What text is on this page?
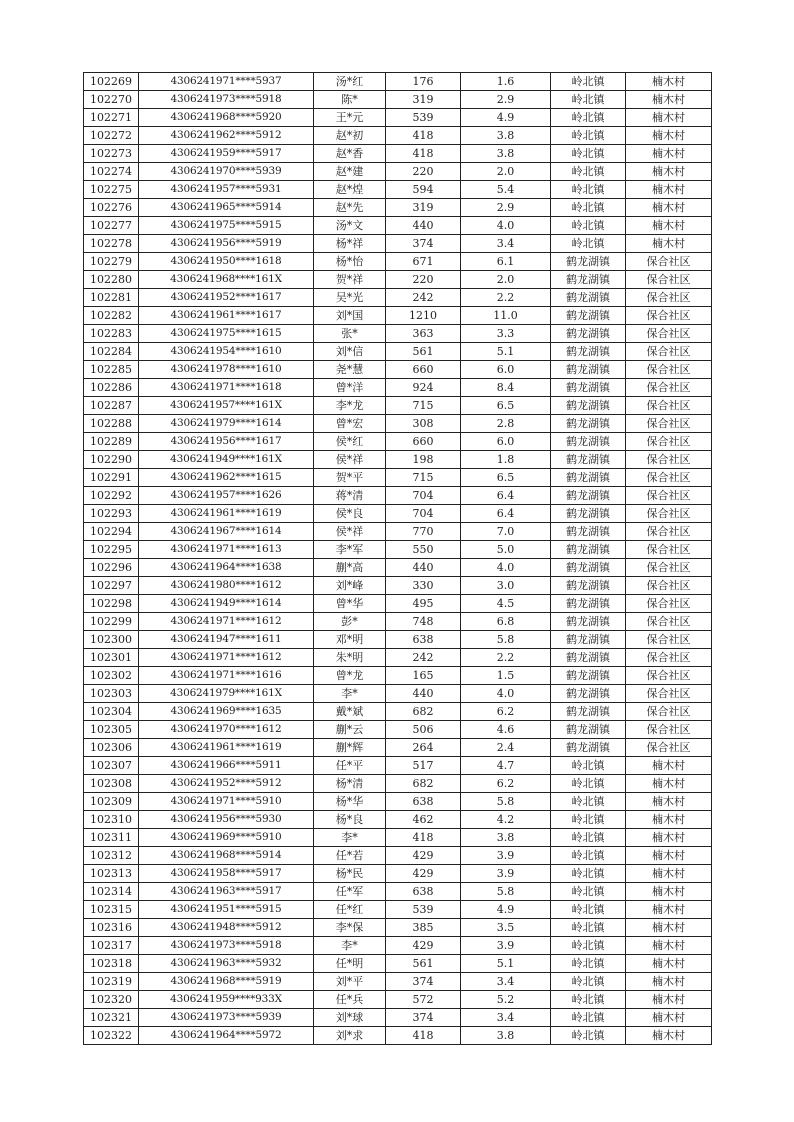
102269	4306241971****5937	汤*红	176	1.6	岭北镇	楠木村
102270	4306241973****5918	陈*	319	2.9	岭北镇	楠木村
102271	4306241968****5920	王*元	539	4.9	岭北镇	楠木村
102272	4306241962****5912	赵*初	418	3.8	岭北镇	楠木村
102273	4306241959****5917	赵*香	418	3.8	岭北镇	楠木村
102274	4306241970****5939	赵*建	220	2.0	岭北镇	楠木村
102275	4306241957****5931	赵*煌	594	5.4	岭北镇	楠木村
102276	4306241965****5914	赵*先	319	2.9	岭北镇	楠木村
102277	4306241975****5915	汤*文	440	4.0	岭北镇	楠木村
102278	4306241956****5919	杨*祥	374	3.4	岭北镇	楠木村
102279	4306241950****1618	杨*怡	671	6.1	鹤龙湖镇	保合社区
102280	4306241968****161X	贺*祥	220	2.0	鹤龙湖镇	保合社区
102281	4306241952****1617	吴*光	242	2.2	鹤龙湖镇	保合社区
102282	4306241961****1617	刘*国	1210	11.0	鹤龙湖镇	保合社区
102283	4306241975****1615	张*	363	3.3	鹤龙湖镇	保合社区
102284	4306241954****1610	刘*信	561	5.1	鹤龙湖镇	保合社区
102285	4306241978****1610	尧*慧	660	6.0	鹤龙湖镇	保合社区
102286	4306241971****1618	曾*洋	924	8.4	鹤龙湖镇	保合社区
102287	4306241957****161X	李*龙	715	6.5	鹤龙湖镇	保合社区
102288	4306241979****1614	曾*宏	308	2.8	鹤龙湖镇	保合社区
102289	4306241956****1617	侯*红	660	6.0	鹤龙湖镇	保合社区
102290	4306241949****161X	侯*祥	198	1.8	鹤龙湖镇	保合社区
102291	4306241962****1615	贺*平	715	6.5	鹤龙湖镇	保合社区
102292	4306241957****1626	蒋*清	704	6.4	鹤龙湖镇	保合社区
102293	4306241961****1619	侯*良	704	6.4	鹤龙湖镇	保合社区
102294	4306241967****1614	侯*祥	770	7.0	鹤龙湖镇	保合社区
102295	4306241971****1613	李*军	550	5.0	鹤龙湖镇	保合社区
102296	4306241964****1638	蒯*高	440	4.0	鹤龙湖镇	保合社区
102297	4306241980****1612	刘*峰	330	3.0	鹤龙湖镇	保合社区
102298	4306241949****1614	曾*华	495	4.5	鹤龙湖镇	保合社区
102299	4306241971****1612	彭*	748	6.8	鹤龙湖镇	保合社区
102300	4306241947****1611	邓*明	638	5.8	鹤龙湖镇	保合社区
102301	4306241971****1612	朱*明	242	2.2	鹤龙湖镇	保合社区
102302	4306241971****1616	曾*龙	165	1.5	鹤龙湖镇	保合社区
102303	4306241979****161X	李*	440	4.0	鹤龙湖镇	保合社区
102304	4306241969****1635	戴*斌	682	6.2	鹤龙湖镇	保合社区
102305	4306241970****1612	蒯*云	506	4.6	鹤龙湖镇	保合社区
102306	4306241961****1619	蒯*辉	264	2.4	鹤龙湖镇	保合社区
102307	4306241966****5911	任*平	517	4.7	岭北镇	楠木村
102308	4306241952****5912	杨*清	682	6.2	岭北镇	楠木村
102309	4306241971****5910	杨*华	638	5.8	岭北镇	楠木村
102310	4306241956****5930	杨*良	462	4.2	岭北镇	楠木村
102311	4306241969****5910	李*	418	3.8	岭北镇	楠木村
102312	4306241968****5914	任*若	429	3.9	岭北镇	楠木村
102313	4306241958****5917	杨*民	429	3.9	岭北镇	楠木村
102314	4306241963****5917	任*军	638	5.8	岭北镇	楠木村
102315	4306241951****5915	任*红	539	4.9	岭北镇	楠木村
102316	4306241948****5912	李*保	385	3.5	岭北镇	楠木村
102317	4306241973****5918	李*	429	3.9	岭北镇	楠木村
102318	4306241963****5932	任*明	561	5.1	岭北镇	楠木村
102319	4306241968****5919	刘*平	374	3.4	岭北镇	楠木村
102320	4306241959****933X	任*兵	572	5.2	岭北镇	楠木村
102321	4306241973****5939	刘*球	374	3.4	岭北镇	楠木村
102322	4306241964****5972	刘*求	418	3.8	岭北镇	楠木村
